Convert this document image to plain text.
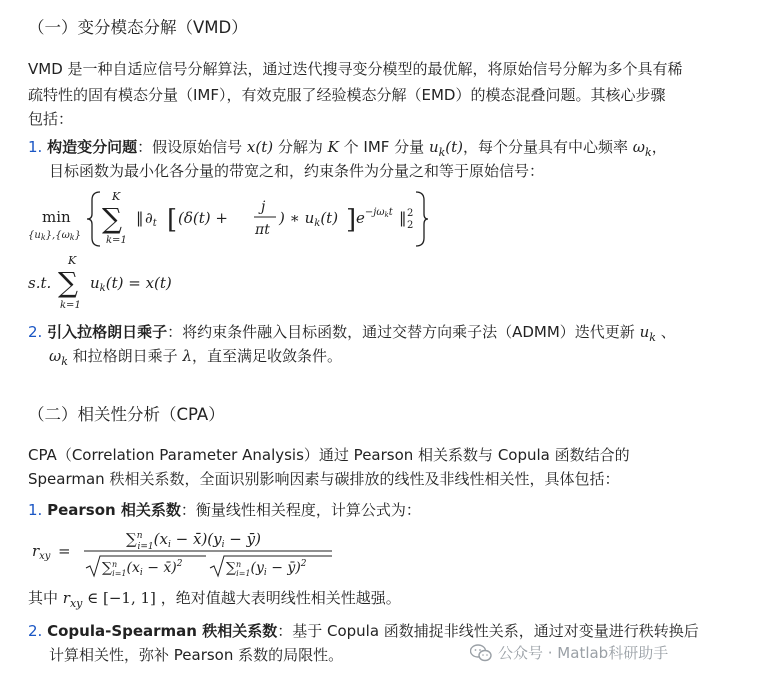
（一）变分模态分解（VMD）
VMD 是一种自适应信号分解算法，通过迭代搜寻变分模型的最优解，将原始信号分解为多个具有稀
疏特性的固有模态分量（IMF），有效克服了经验模态分解（EMD）的模态混叠问题。其核心步骤
包括：
1. 构造变分问题：假设原始信号 x(t) 分解为 K 个 IMF 分量 $u_k(t)$，每个分量具有中心频率 $\omega_k$，
目标函数为最小化各分量的带宽之和，约束条件为分量之和等于原始信号：
min
$\{u_k\},\{\omega_k\}$
K
∑
k=1
‖ $\partial_t$ [ (δ(t) +
j
πt
) ∗ $u_k(t)$ ] $e^{-j\omega}kt$ ‖ 2
2
s.t.
K
∑
k=1
$u_k(t) = x(t)$
2. 引入拉格朗日乘子：将约束条件融入目标函数，通过交替方向乘子法（ADMM）迭代更新 $u_k$ 、
$\omega_k$ 和拉格朗日乘子 λ，直至满足收敛条件。
（二）相关性分析（CPA）
CPA（Correlation Parameter Analysis）通过 Pearson 相关系数与 Copula 函数结合的
Spearman 秩相关系数，全面识别影响因素与碳排放的线性及非线性相关性，具体包括：
1. Pearson 相关系数：衡量线性相关程度，计算公式为：
$r_{xy}$ =
∑$^n$ $i=1(x_i$ − $x̄)(y_i$ − ȳ)
∑$^n$ $i=1(x_i$ − x̄)$^2$	∑$^n$ $i=1(y_i$ − ȳ)$^2$
其中 $r_{xy}$ ∈ [−1, 1] ，绝对值越大表明线性相关性越强。
2. Copula-Spearman 秩相关系数：基于 Copula 函数捕捉非线性关系，通过对变量进行秩转换后
计算相关性，弥补 Pearson 系数的局限性。	公众号 · Matlab科研助手
